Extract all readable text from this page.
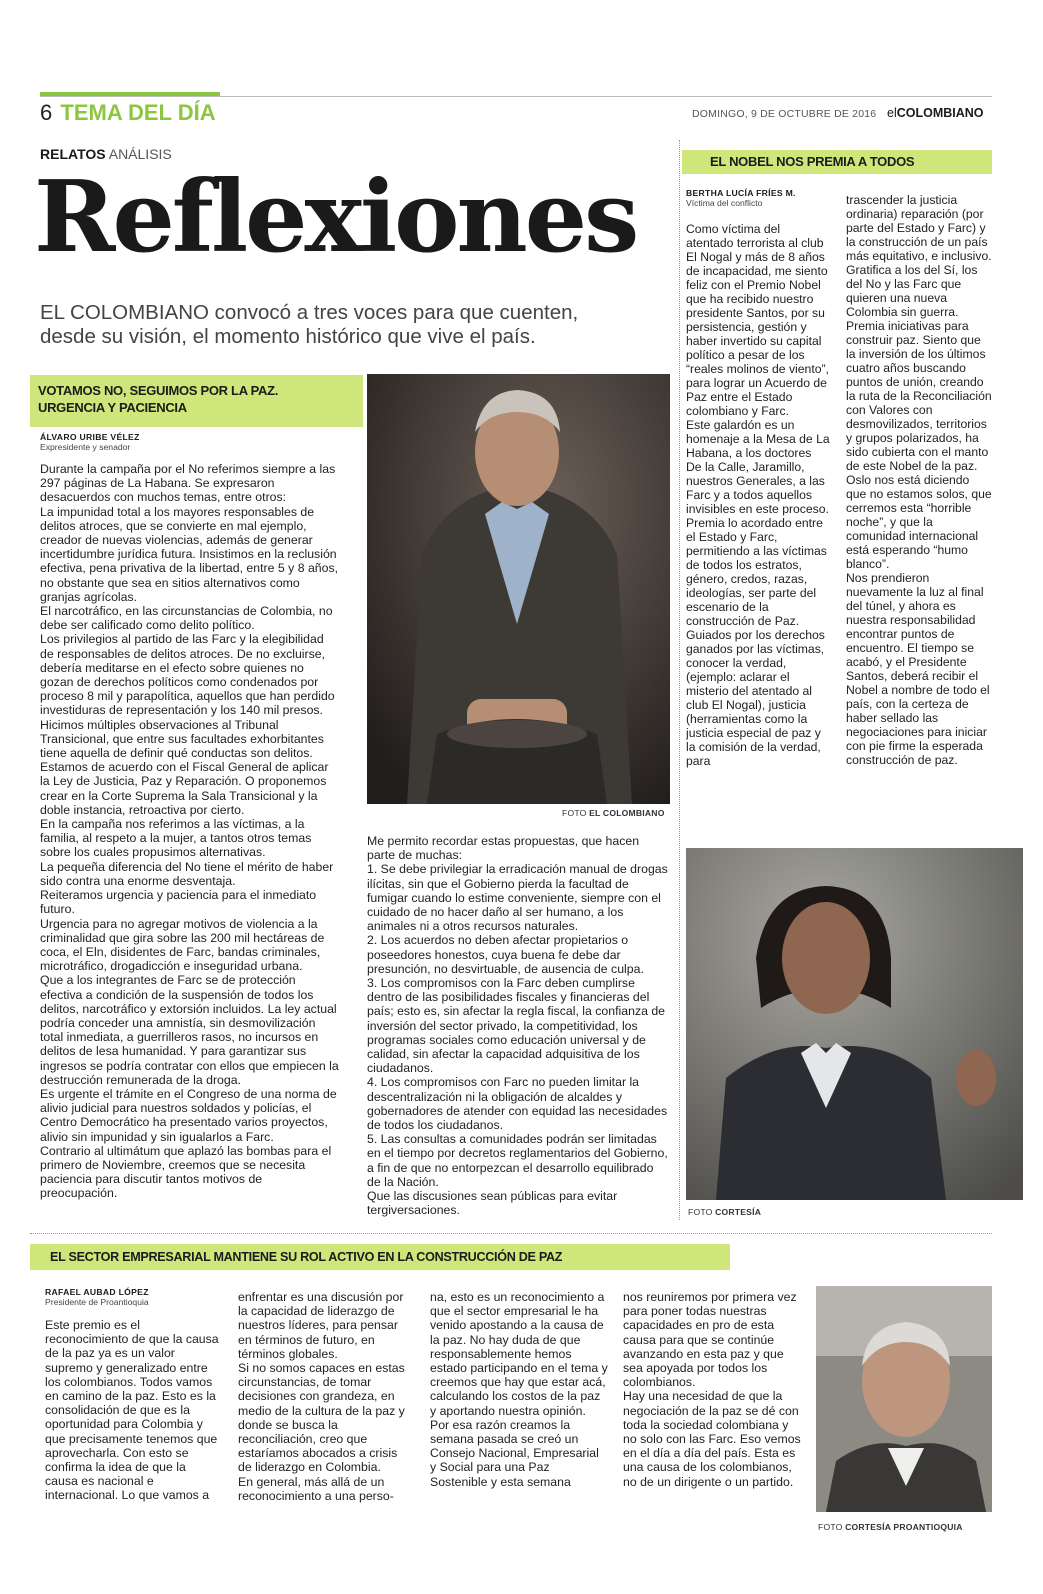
6 TEMA DEL DÍA	DOMINGO, 9 DE OCTUBRE DE 2016 elCOLOMBIANO
RELATOS ANÁLISIS
Reflexiones
EL COLOMBIANO convocó a tres voces para que cuenten, desde su visión, el momento histórico que vive el país.
VOTAMOS NO, SEGUIMOS POR LA PAZ.
URGENCIA Y PACIENCIA
ÁLVARO URIBE VÉLEZ
Expresidente y senador
FOTO EL COLOMBIANO
Durante la campaña por el No referimos siempre a las 297 páginas de La Habana. Se expresaron desacuerdos con muchos temas, entre otros:
La impunidad total a los mayores responsables de delitos atroces, que se convierte en mal ejemplo, creador de nuevas violencias, además de generar incertidumbre jurídica futura. Insistimos en la reclusión efectiva, pena privativa de la libertad, entre 5 y 8 años, no obstante que sea en sitios alternativos como granjas agrícolas.
El narcotráfico, en las circunstancias de Colombia, no debe ser calificado como delito político.
Los privilegios al partido de las Farc y la elegibilidad de responsables de delitos atroces. De no excluirse, debería meditarse en el efecto sobre quienes no gozan de derechos políticos como condenados por proceso 8 mil y parapolítica, aquellos que han perdido investiduras de representación y los 140 mil presos.
Hicimos múltiples observaciones al Tribunal Transicional, que entre sus facultades exhorbitantes tiene aquella de definir qué conductas son delitos.
Estamos de acuerdo con el Fiscal General de aplicar la Ley de Justicia, Paz y Reparación. O proponemos crear en la Corte Suprema la Sala Transicional y la doble instancia, retroactiva por cierto.
En la campaña nos referimos a las víctimas, a la familia, al respeto a la mujer, a tantos otros temas sobre los cuales propusimos alternativas.
La pequeña diferencia del No tiene el mérito de haber sido contra una enorme desventaja.
Reiteramos urgencia y paciencia para el inmediato futuro.
Urgencia para no agregar motivos de violencia a la criminalidad que gira sobre las 200 mil hectáreas de coca, el Eln, disidentes de Farc, bandas criminales, microtráfico, drogadicción e inseguridad urbana.
Que a los integrantes de Farc se de protección efectiva a condición de la suspensión de todos los delitos, narcotráfico y extorsión incluidos. La ley actual podría conceder una amnistía, sin desmovilización total inmediata, a guerrilleros rasos, no incursos en delitos de lesa humanidad. Y para garantizar sus ingresos se podría contratar con ellos que empiecen la destrucción remunerada de la droga.
Es urgente el trámite en el Congreso de una norma de alivio judicial para nuestros soldados y policías, el Centro Democrático ha presentado varios proyectos, alivio sin impunidad y sin igualarlos a Farc.
Contrario al ultimátum que aplazó las bombas para el primero de Noviembre, creemos que se necesita paciencia para discutir tantos motivos de preocupación.
Me permito recordar estas propuestas, que hacen parte de muchas:
1. Se debe privilegiar la erradicación manual de drogas ilícitas, sin que el Gobierno pierda la facultad de fumigar cuando lo estime conveniente, siempre con el cuidado de no hacer daño al ser humano, a los animales ni a otros recursos naturales.
2. Los acuerdos no deben afectar propietarios o poseedores honestos, cuya buena fe debe dar presunción, no desvirtuable, de ausencia de culpa.
3. Los compromisos con la Farc deben cumplirse dentro de las posibilidades fiscales y financieras del país; esto es, sin afectar la regla fiscal, la confianza de inversión del sector privado, la competitividad, los programas sociales como educación universal y de calidad, sin afectar la capacidad adquisitiva de los ciudadanos.
4. Los compromisos con Farc no pueden limitar la descentralización ni la obligación de alcaldes y gobernadores de atender con equidad las necesidades de todos los ciudadanos.
5. Las consultas a comunidades podrán ser limitadas en el tiempo por decretos reglamentarios del Gobierno, a fin de que no entorpezcan el desarrollo equilibrado de la Nación.
Que las discusiones sean públicas para evitar tergiversaciones.
EL NOBEL NOS PREMIA A TODOS
BERTHA LUCÍA FRÍES M.
Víctima del conflicto
Como víctima del atentado terrorista al club El Nogal y más de 8 años de incapacidad, me siento feliz con el Premio Nobel que ha recibido nuestro presidente Santos, por su persistencia, gestión y haber invertido su capital político a pesar de los “reales molinos de viento”, para lograr un Acuerdo de Paz entre el Estado colombiano y Farc.
Este galardón es un homenaje a la Mesa de La Habana, a los doctores De la Calle, Jaramillo, nuestros Generales, a las Farc y a todos aquellos invisibles en este proceso.
Premia lo acordado entre el Estado y Farc, permitiendo a las víctimas de todos los estratos, género, credos, razas, ideologías, ser parte del escenario de la construcción de Paz. Guiados por los derechos ganados por las víctimas, conocer la verdad, (ejemplo: aclarar el misterio del atentado al club El Nogal), justicia (herramientas como la justicia especial de paz y la comisión de la verdad, para
trascender la justicia ordinaria) reparación (por parte del Estado y Farc) y la construcción de un país más equitativo, e inclusivo.
Gratifica a los del Sí, los del No y las Farc que quieren una nueva Colombia sin guerra.
Premia iniciativas para construir paz. Siento que la inversión de los últimos cuatro años buscando puntos de unión, creando la ruta de la Reconciliación con Valores con desmovilizados, territorios y grupos polarizados, ha sido cubierta con el manto de este Nobel de la paz.
Oslo nos está diciendo que no estamos solos, que cerremos esta “horrible noche”, y que la comunidad internacional está esperando “humo blanco”.
Nos prendieron nuevamente la luz al final del túnel, y ahora es nuestra responsabilidad encontrar puntos de encuentro. El tiempo se acabó, y el Presidente Santos, deberá recibir el Nobel a nombre de todo el país, con la certeza de haber sellado las negociaciones para iniciar con pie firme la esperada construcción de paz.
FOTO CORTESÍA
EL SECTOR EMPRESARIAL MANTIENE SU ROL ACTIVO EN LA CONSTRUCCIÓN DE PAZ
RAFAEL AUBAD LÓPEZ
Presidente de Proantioquia
Este premio es el reconocimiento de que la causa de la paz ya es un valor supremo y generalizado entre los colombianos. Todos vamos en camino de la paz. Esto es la consolidación de que es la oportunidad para Colombia y que precisamente tenemos que aprovecharla. Con esto se confirma la idea de que la causa es nacional e internacional. Lo que vamos a
enfrentar es una discusión por la capacidad de liderazgo de nuestros líderes, para pensar en términos de futuro, en términos globales.
Si no somos capaces en estas circunstancias, de tomar decisiones con grandeza, en medio de la cultura de la paz y donde se busca la reconciliación, creo que estaríamos abocados a crisis de liderazgo en Colombia.
En general, más allá de un reconocimiento a una perso-
na, esto es un reconocimiento a que el sector empresarial le ha venido apostando a la causa de la paz. No hay duda de que responsablemente hemos estado participando en el tema y creemos que hay que estar acá, calculando los costos de la paz y aportando nuestra opinión.
Por esa razón creamos la semana pasada se creó un Consejo Nacional, Empresarial y Social para una Paz Sostenible y esta semana
nos reuniremos por primera vez para poner todas nuestras capacidades en pro de esta causa para que se continúe avanzando en esta paz y que sea apoyada por todos los colombianos.
Hay una necesidad de que la negociación de la paz se dé con toda la sociedad colombiana y no solo con las Farc. Eso vemos en el día a día del país. Esta es una causa de los colombianos, no de un dirigente o un partido.
FOTO CORTESÍA PROANTIOQUIA
